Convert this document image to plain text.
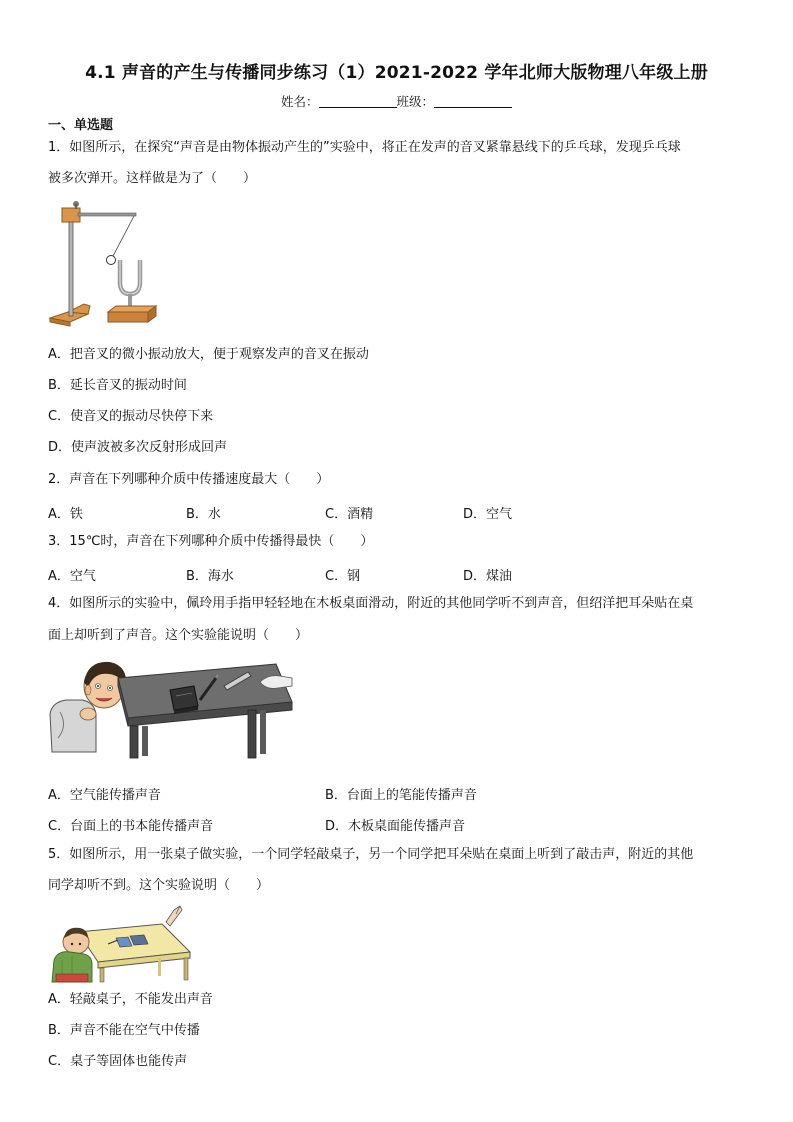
4.1 声音的产生与传播同步练习（1）2021-2022 学年北师大版物理八年级上册
姓名：	班级：
一、单选题
1．如图所示，在探究“声音是由物体振动产生的”实验中，将正在发声的音叉紧靠悬线下的乒乓球，发现乒乓球
被多次弹开。这样做是为了（　　）
A．把音叉的微小振动放大，便于观察发声的音叉在振动
B．延长音叉的振动时间
C．使音叉的振动尽快停下来
D．使声波被多次反射形成回声
2．声音在下列哪种介质中传播速度最大（　　）
A．铁	B．水	C．酒精	D．空气
3．15℃时，声音在下列哪种介质中传播得最快（　　）
A．空气	B．海水	C．钢	D．煤油
4．如图所示的实验中，佩玲用手指甲轻轻地在木板桌面滑动，附近的其他同学听不到声音，但绍洋把耳朵贴在桌
面上却听到了声音。这个实验能说明（　　）
A．空气能传播声音	B．台面上的笔能传播声音
C．台面上的书本能传播声音	D．木板桌面能传播声音
5．如图所示，用一张桌子做实验，一个同学轻敲桌子，另一个同学把耳朵贴在桌面上听到了敲击声，附近的其他
同学却听不到。这个实验说明（　　）
A．轻敲桌子，不能发出声音
B．声音不能在空气中传播
C．桌子等固体也能传声
